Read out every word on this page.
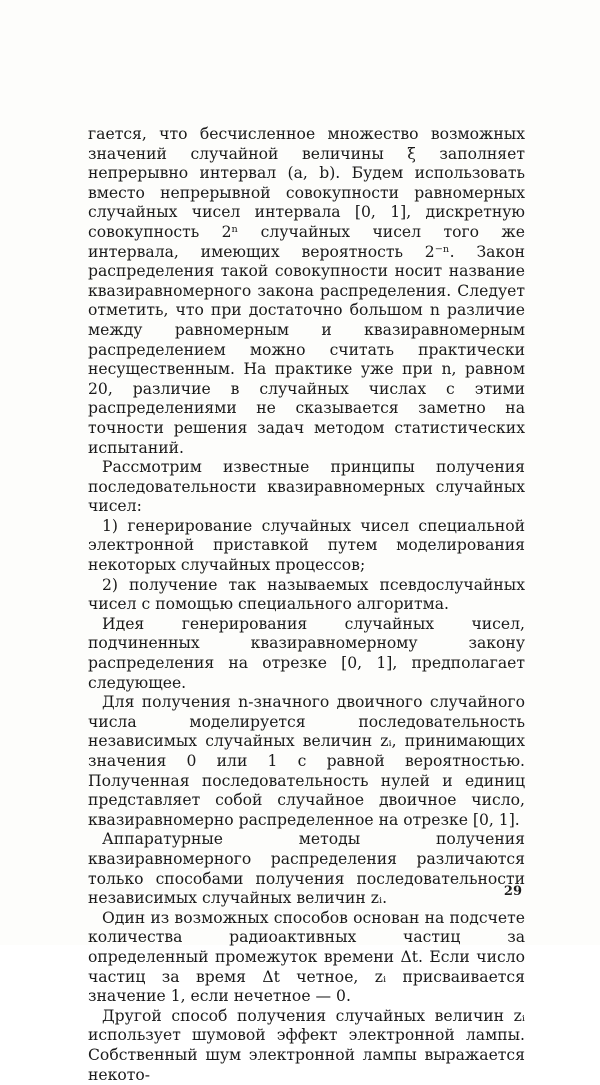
гается, что бесчисленное множество возможных значений случайной величины ξ заполняет непрерывно интервал (a, b). Будем использовать вместо непрерывной совокупности равномерных случайных чисел интервала [0, 1], дискретную совокупность 2ⁿ случайных чисел того же интервала, имеющих вероятность 2⁻ⁿ. Закон распределения такой совокупности носит название квазиравномерного закона распределения. Следует отметить, что при достаточно большом n различие между равномерным и квазиравномерным распределением можно считать практически несущественным. На практике уже при n, равном 20, различие в случайных числах с этими распределениями не сказывается заметно на точности решения задач методом статистических испытаний.

Рассмотрим известные принципы получения последовательности квазиравномерных случайных чисел:

1) генерирование случайных чисел специальной электронной приставкой путем моделирования некоторых случайных процессов;

2) получение так называемых псевдослучайных чисел с помощью специального алгоритма.

Идея генерирования случайных чисел, подчиненных квазиравномерному закону распределения на отрезке [0, 1], предполагает следующее.

Для получения n-значного двоичного случайного числа моделируется последовательность независимых случайных величин zᵢ, принимающих значения 0 или 1 с равной вероятностью. Полученная последовательность нулей и единиц представляет собой случайное двоичное число, квазиравномерно распределенное на отрезке [0, 1].

Аппаратурные методы получения квазиравномерного распределения различаются только способами получения последовательности независимых случайных величин zᵢ.

Один из возможных способов основан на подсчете количества радиоактивных частиц за определенный промежуток времени Δt. Если число частиц за время Δt четное, zᵢ присваивается значение 1, если нечетное — 0.

Другой способ получения случайных величин zᵢ использует шумовой эффект электронной лампы. Собственный шум электронной лампы выражается некото-

29
